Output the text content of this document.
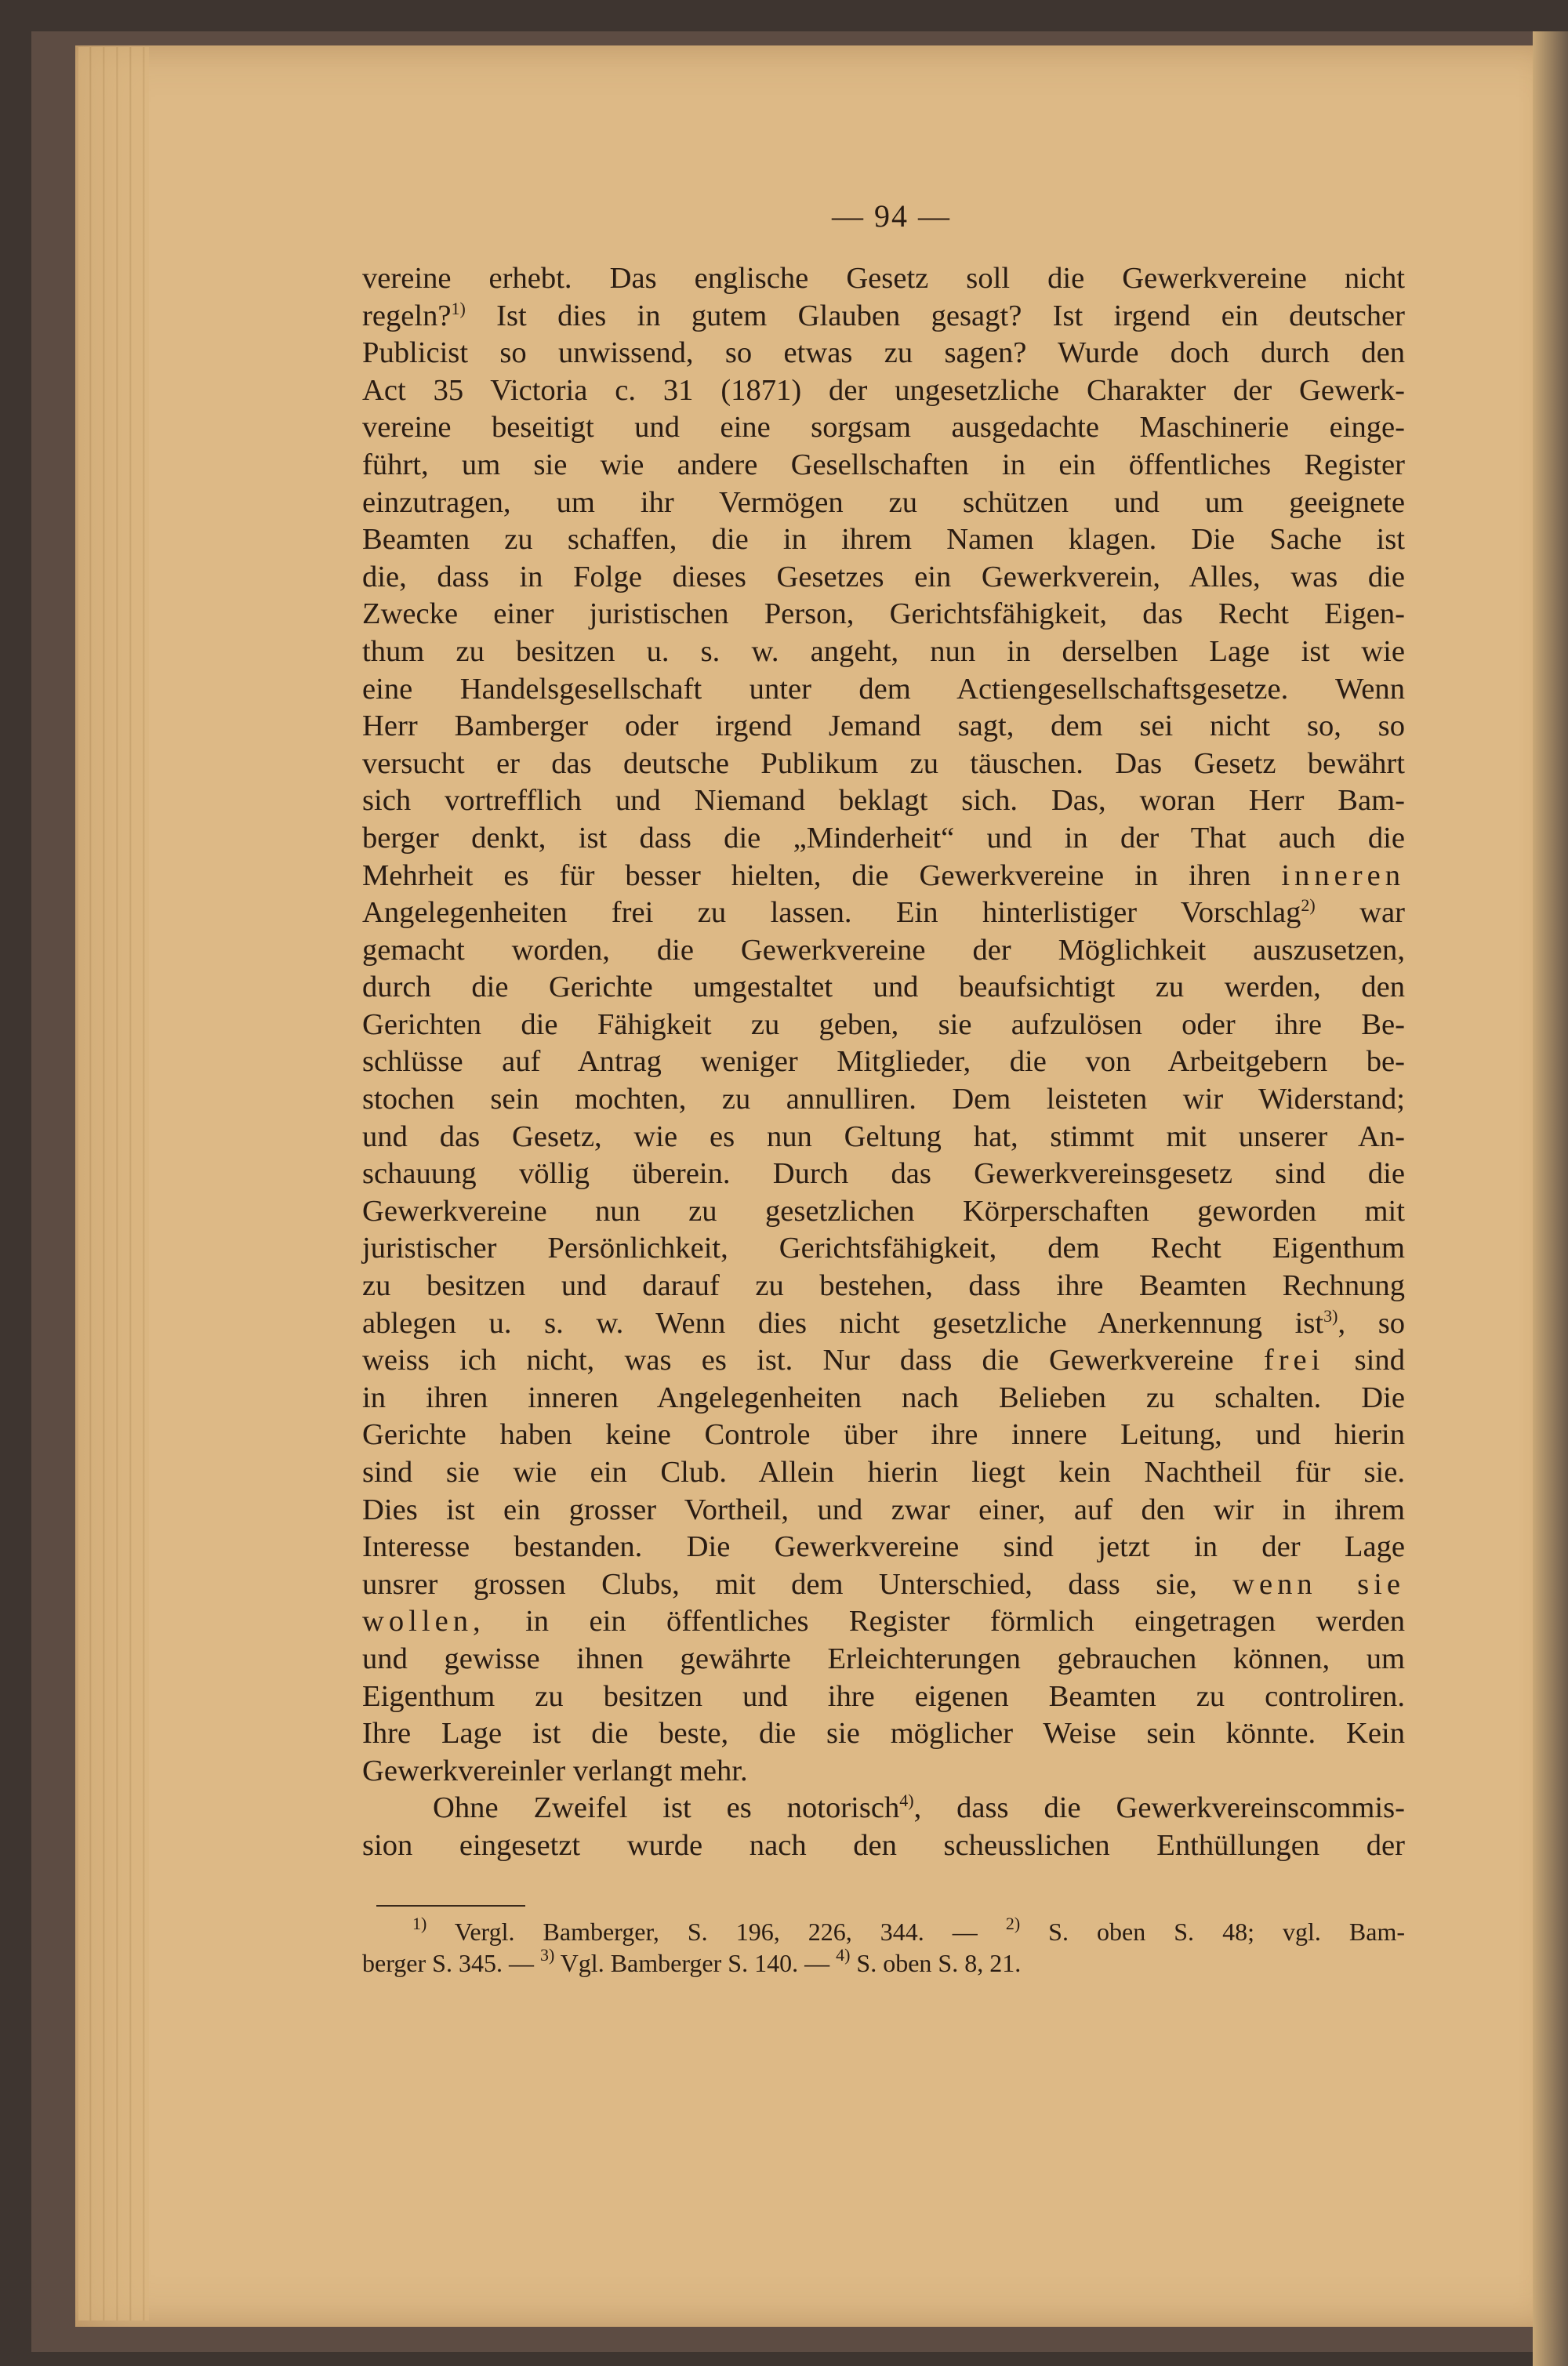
— 94 —
vereine erhebt. Das englische Gesetz soll die Gewerkvereine nicht
regeln?$^{1)}$ Ist dies in gutem Glauben gesagt? Ist irgend ein deutscher
Publicist so unwissend, so etwas zu sagen? Wurde doch durch den
Act 35 Victoria c. 31 (1871) der ungesetzliche Charakter der Gewerk-
vereine beseitigt und eine sorgsam ausgedachte Maschinerie einge-
führt, um sie wie andere Gesellschaften in ein öffentliches Register
einzutragen, um ihr Vermögen zu schützen und um geeignete
Beamten zu schaffen, die in ihrem Namen klagen. Die Sache ist
die, dass in Folge dieses Gesetzes ein Gewerkverein, Alles, was die
Zwecke einer juristischen Person, Gerichtsfähigkeit, das Recht Eigen-
thum zu besitzen u. s. w. angeht, nun in derselben Lage ist wie
eine Handelsgesellschaft unter dem Actiengesellschaftsgesetze. Wenn
Herr Bamberger oder irgend Jemand sagt, dem sei nicht so, so
versucht er das deutsche Publikum zu täuschen. Das Gesetz bewährt
sich vortrefflich und Niemand beklagt sich. Das, woran Herr Bam-
berger denkt, ist dass die „Minderheit“ und in der That auch die
Mehrheit es für besser hielten, die Gewerkvereine in ihren inneren
Angelegenheiten frei zu lassen. Ein hinterlistiger Vorschlag$^{2)}$ war
gemacht worden, die Gewerkvereine der Möglichkeit auszusetzen,
durch die Gerichte umgestaltet und beaufsichtigt zu werden, den
Gerichten die Fähigkeit zu geben, sie aufzulösen oder ihre Be-
schlüsse auf Antrag weniger Mitglieder, die von Arbeitgebern be-
stochen sein mochten, zu annulliren. Dem leisteten wir Widerstand;
und das Gesetz, wie es nun Geltung hat, stimmt mit unserer An-
schauung völlig überein. Durch das Gewerkvereinsgesetz sind die
Gewerkvereine nun zu gesetzlichen Körperschaften geworden mit
juristischer Persönlichkeit, Gerichtsfähigkeit, dem Recht Eigenthum
zu besitzen und darauf zu bestehen, dass ihre Beamten Rechnung
ablegen u. s. w. Wenn dies nicht gesetzliche Anerkennung ist$^{3)}$, so
weiss ich nicht, was es ist. Nur dass die Gewerkvereine frei sind
in ihren inneren Angelegenheiten nach Belieben zu schalten. Die
Gerichte haben keine Controle über ihre innere Leitung, und hierin
sind sie wie ein Club. Allein hierin liegt kein Nachtheil für sie.
Dies ist ein grosser Vortheil, und zwar einer, auf den wir in ihrem
Interesse bestanden. Die Gewerkvereine sind jetzt in der Lage
unsrer grossen Clubs, mit dem Unterschied, dass sie, wenn sie
wollen, in ein öffentliches Register förmlich eingetragen werden
und gewisse ihnen gewährte Erleichterungen gebrauchen können, um
Eigenthum zu besitzen und ihre eigenen Beamten zu controliren.
Ihre Lage ist die beste, die sie möglicher Weise sein könnte. Kein
Gewerkvereinler verlangt mehr.
Ohne Zweifel ist es notorisch$^{4)}$, dass die Gewerkvereinscommis-
sion eingesetzt wurde nach den scheusslichen Enthüllungen der
$^{1)}$ Vergl. Bamberger, S. 196, 226, 344. — $^{2)}$ S. oben S. 48; vgl. Bam-
berger S. 345. — $^{3)}$ Vgl. Bamberger S. 140. — $^{4)}$ S. oben S. 8, 21.
